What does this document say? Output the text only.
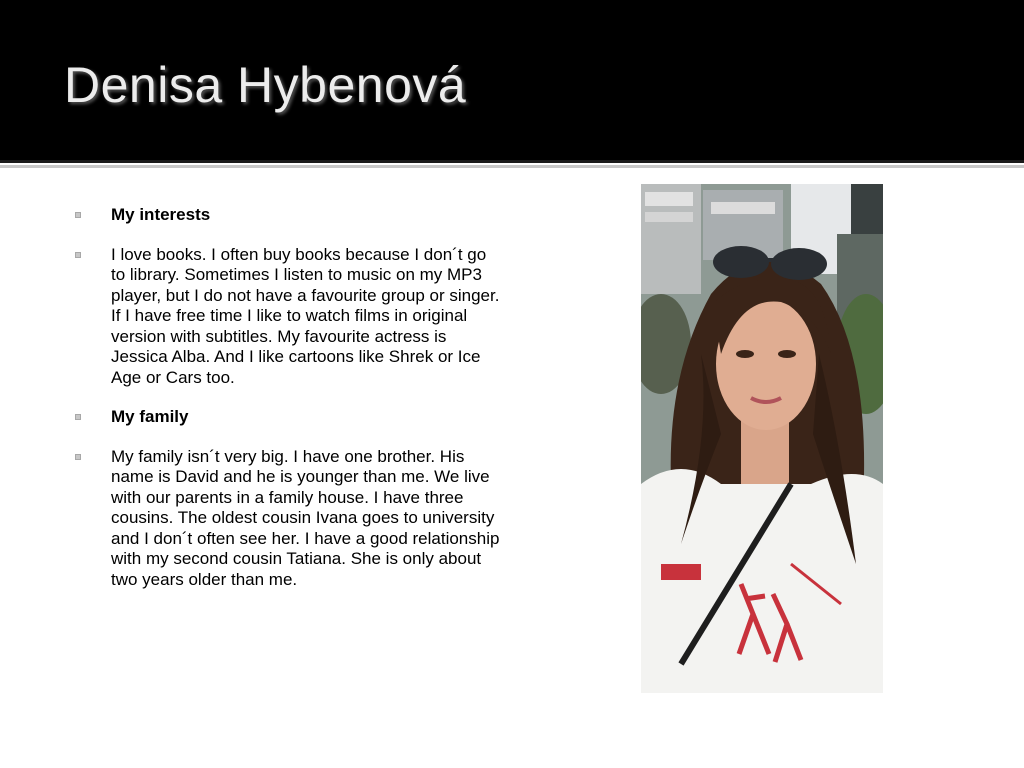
Denisa Hybenová
My interests
I love books. I often buy books because I don´t go to library. Sometimes I listen to music on my MP3 player, but I do not have a favourite group or singer. If I have free time I like to watch films in original version with subtitles. My favourite actress is Jessica Alba. And I like cartoons like Shrek or Ice Age or Cars too.
My family
My family isn´t very big. I have one brother. His name is David and he is younger than me. We live with our parents in a family house. I have three cousins. The oldest cousin Ivana goes to university and I don´t often see her. I have a good relationship with my second cousin Tatiana. She is only about two years older than me.
